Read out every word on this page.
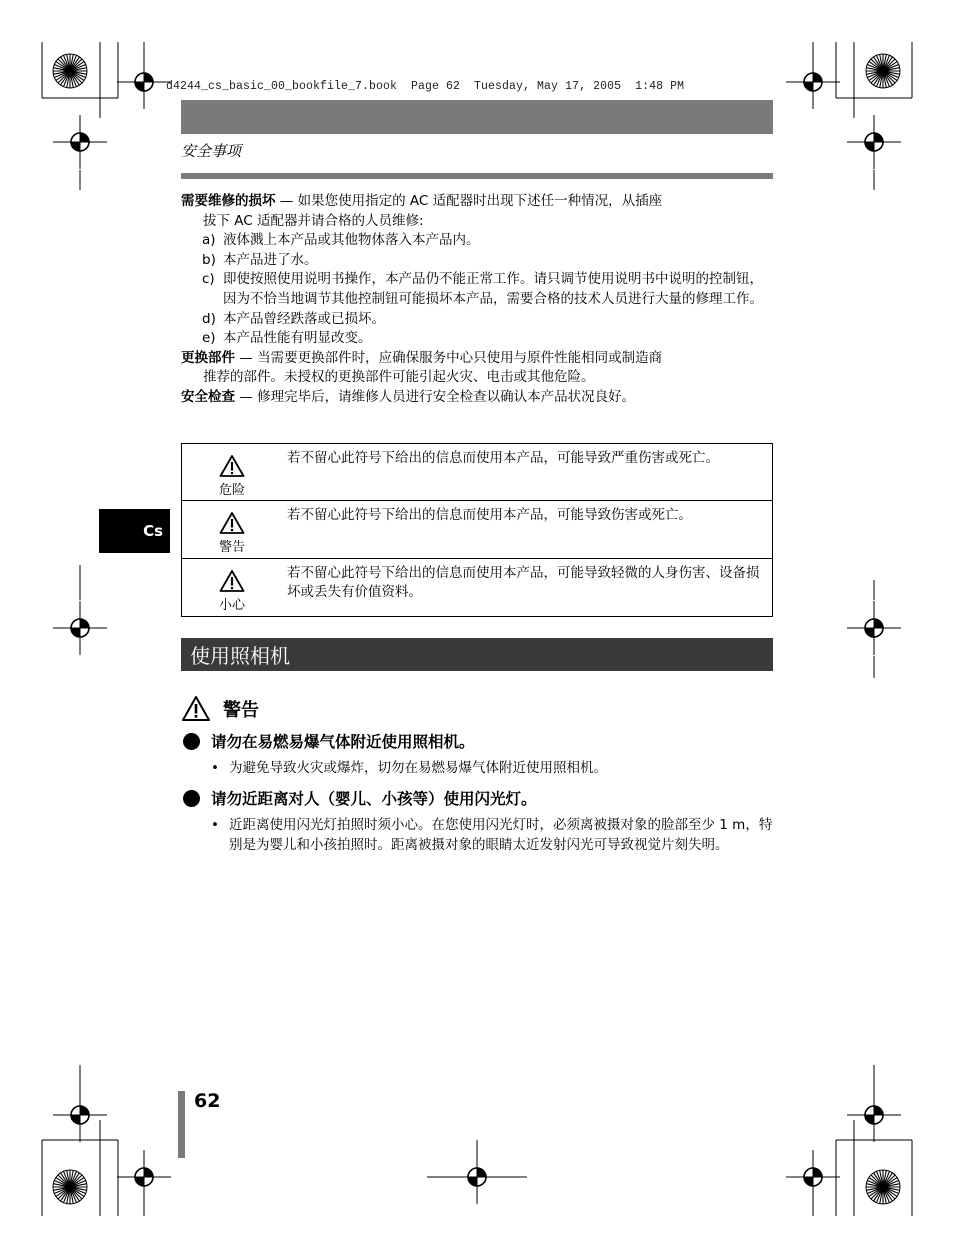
d4244_cs_basic_00_bookfile_7.book  Page 62  Tuesday, May 17, 2005  1:48 PM
安全事项

需要维修的损坏 — 如果您使用指定的 AC 适配器时出现下述任一种情况，从插座

拔下 AC 适配器并请合格的人员维修:

a) 液体溅上本产品或其他物体落入本产品内。
b) 本产品进了水。
c) 即使按照使用说明书操作，本产品仍不能正常工作。请只调节使用说明书中说明的控制钮，因为不恰当地调节其他控制钮可能损坏本产品，需要合格的技术人员进行大量的修理工作。
d) 本产品曾经跌落或已损坏。
e) 本产品性能有明显改变。

更换部件 — 当需要更换部件时，应确保服务中心只使用与原件性能相同或制造商

推荐的部件。未授权的更换部件可能引起火灾、电击或其他危险。

安全检查 — 修理完毕后，请维修人员进行安全检查以确认本产品状况良好。

危险
若不留心此符号下给出的信息而使用本产品，可能导致严重伤害或死亡。
警告
若不留心此符号下给出的信息而使用本产品，可能导致伤害或死亡。
小心
若不留心此符号下给出的信息而使用本产品，可能导致轻微的人身伤害、设备损坏或丢失有价值资料。
Cs
使用照相机
警告
请勿在易燃易爆气体附近使用照相机。
• 为避免导致火灾或爆炸，切勿在易燃易爆气体附近使用照相机。
请勿近距离对人（婴儿、小孩等）使用闪光灯。
• 近距离使用闪光灯拍照时须小心。在您使用闪光灯时，必须离被摄对象的脸部至少 1 m，特别是为婴儿和小孩拍照时。距离被摄对象的眼睛太近发射闪光可导致视觉片刻失明。
62
